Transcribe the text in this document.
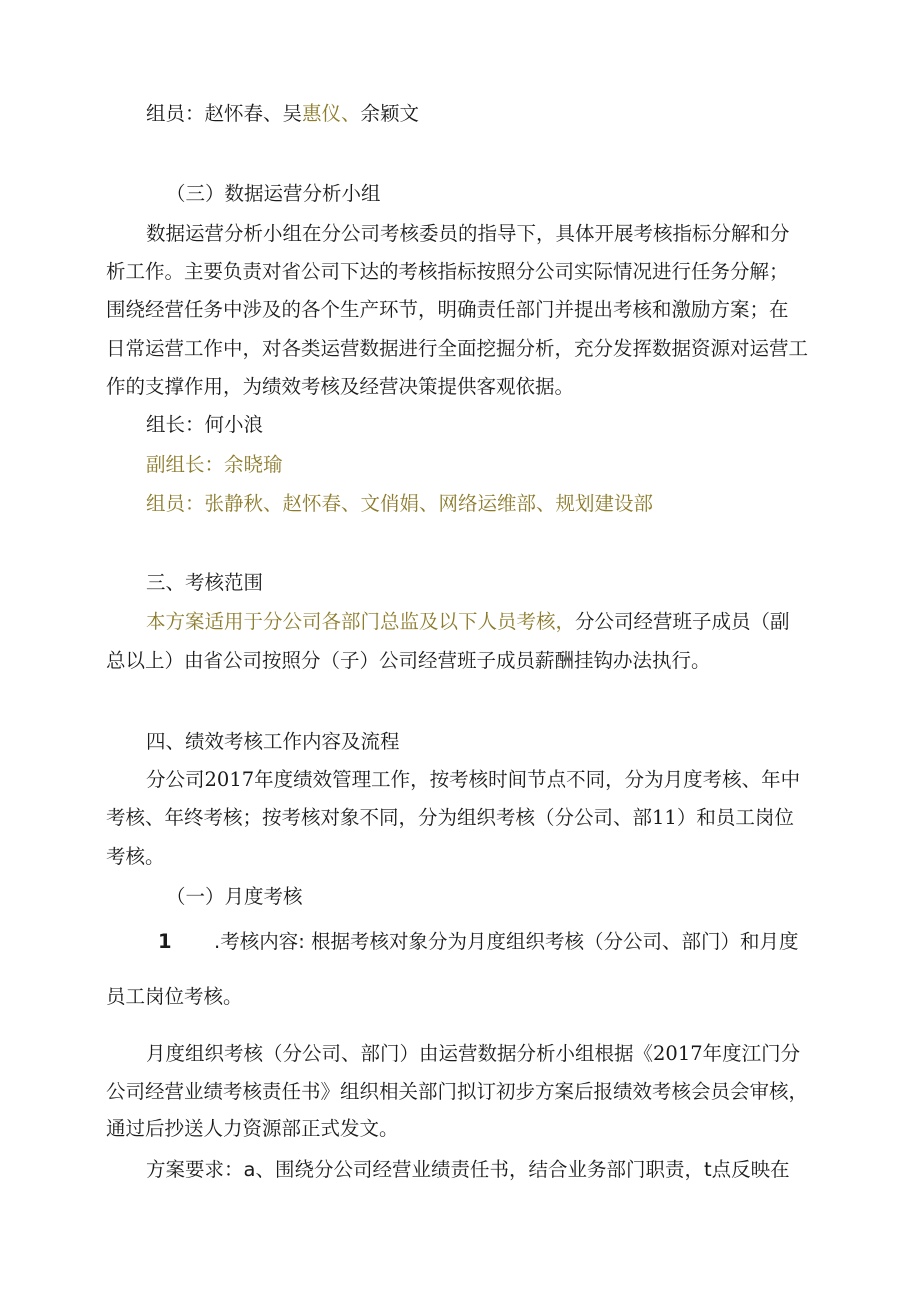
组员：赵怀春、吴惠仪、余颖文

（三）数据运营分析小组

数据运营分析小组在分公司考核委员的指导下，具体开展考核指标分解和分

析工作。主要负责对省公司下达的考核指标按照分公司实际情况进行任务分解；

围绕经营任务中涉及的各个生产环节，明确责任部门并提出考核和激励方案；在

日常运营工作中，对各类运营数据进行全面挖掘分析，充分发挥数据资源对运营工

作的支撑作用，为绩效考核及经营决策提供客观依据。

组长：何小浪

副组长：余晓瑜

组员：张静秋、赵怀春、文俏娟、网络运维部、规划建设部

三、考核范围

本方案适用于分公司各部门总监及以下人员考核，分公司经营班子成员（副

总以上）由省公司按照分（子）公司经营班子成员薪酬挂钩办法执行。

四、绩效考核工作内容及流程

分公司2017年度绩效管理工作，按考核时间节点不同，分为月度考核、年中

考核、年终考核；按考核对象不同，分为组织考核（分公司、部11）和员工岗位

考核。

（一）月度考核

1 .考核内容: 根据考核对象分为月度组织考核（分公司、部门）和月度

员工岗位考核。

月度组织考核（分公司、部门）由运营数据分析小组根据《2017年度江门分

公司经营业绩考核责任书》组织相关部门拟订初步方案后报绩效考核会员会审核，

通过后抄送人力资源部正式发文。

方案要求：a、围绕分公司经营业绩责任书，结合业务部门职责，t点反映在
